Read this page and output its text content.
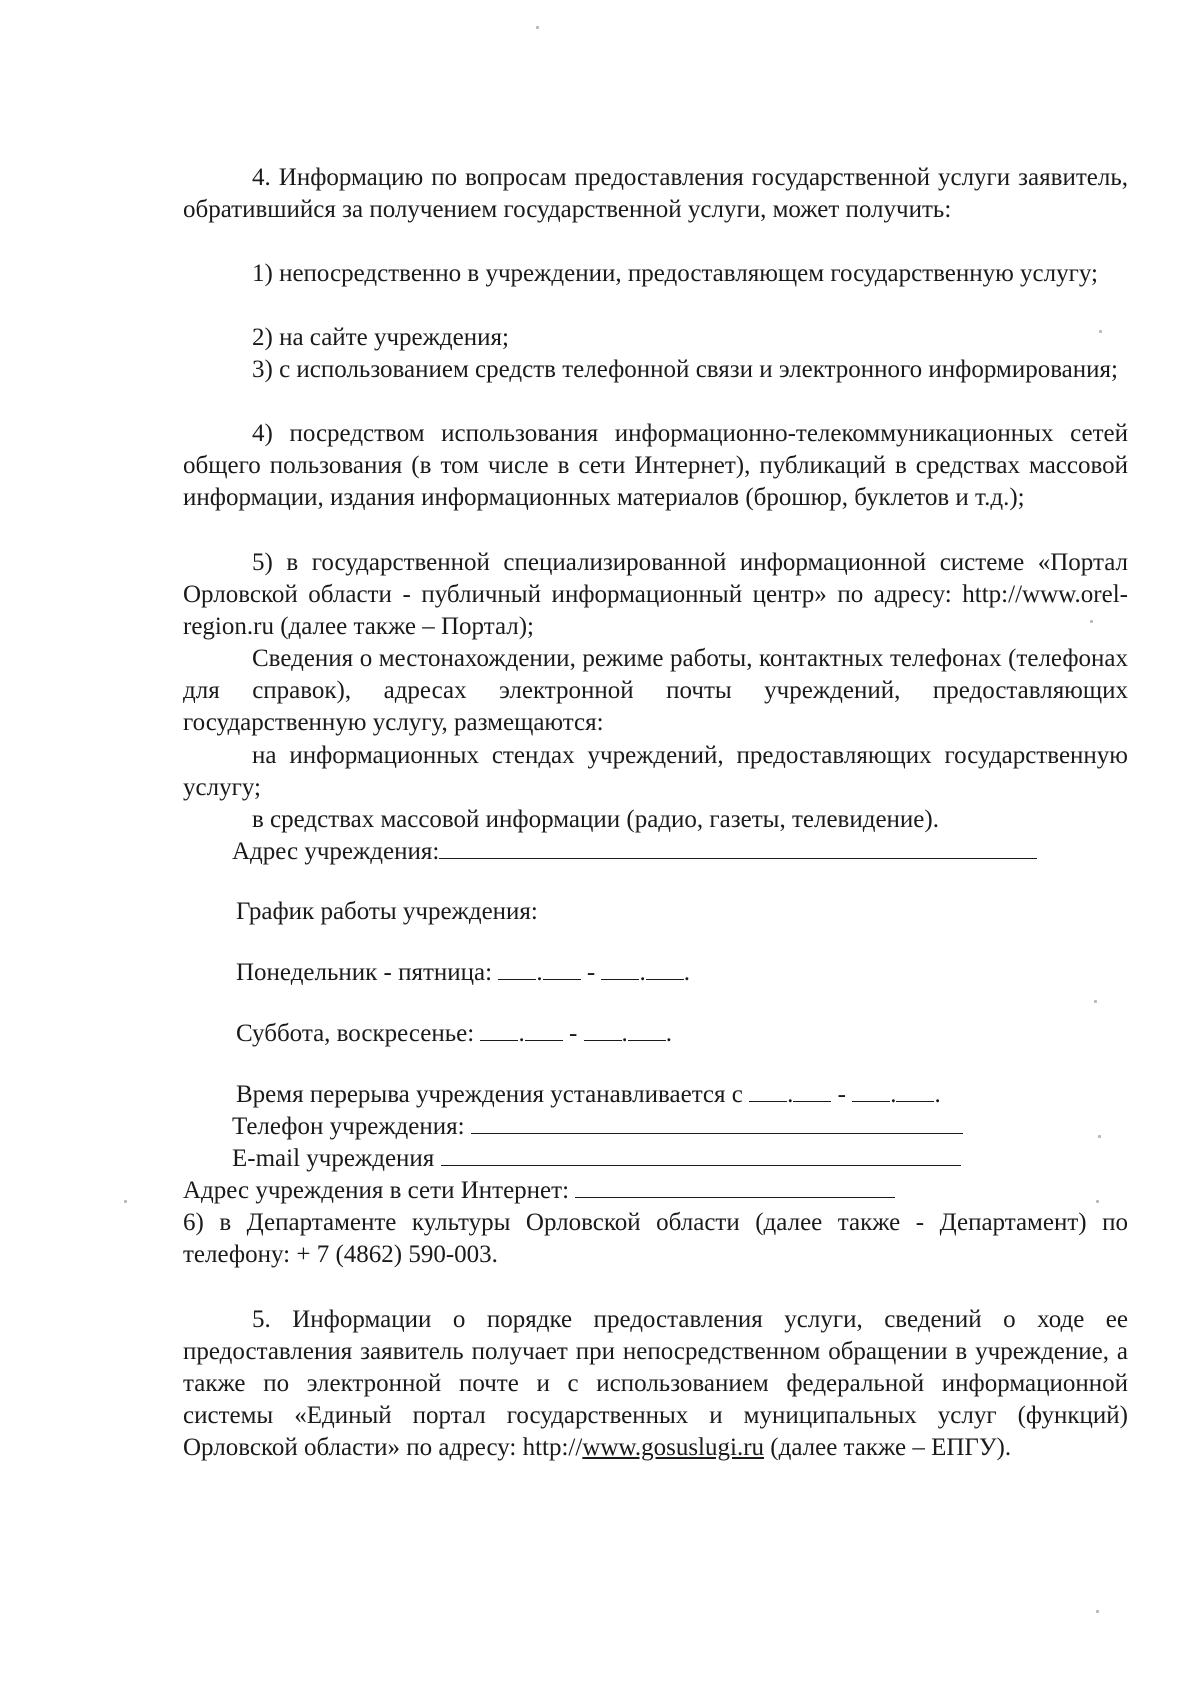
4. Информацию по вопросам предоставления государственной услуги заявитель, обратившийся за получением государственной услуги, может получить:

1) непосредственно в учреждении, предоставляющем государственную услугу;

2) на сайте учреждения;

3) с использованием средств телефонной связи и электронного информирования;

4) посредством использования информационно-телекоммуникационных сетей общего пользования (в том числе в сети Интернет), публикаций в средствах массовой информации, издания информационных материалов (брошюр, буклетов и т.д.);

5) в государственной специализированной информационной системе «Портал Орловской области - публичный информационный центр» по адресу: http://www.orel-region.ru (далее также – Портал);

Сведения о местонахождении, режиме работы, контактных телефонах (телефонах для справок), адресах электронной почты учреждений, предоставляющих государственную услугу, размещаются:

на информационных стендах учреждений, предоставляющих государственную услугу;

в средствах массовой информации (радио, газеты, телевидение).

Адрес учреждения:
График работы учреждения:
Понедельник - пятница: . - . .
Суббота, воскресенье: . - . .
Время перерыва учреждения устанавливается с . - . .
Телефон учреждения:
E-mail учреждения
Адрес учреждения в сети Интернет:

6) в Департаменте культуры Орловской области (далее также - Департамент) по телефону: + 7 (4862) 590-003.

5. Информации о порядке предоставления услуги, сведений о ходе ее предоставления заявитель получает при непосредственном обращении в учреждение, а также по электронной почте и с использованием федеральной информационной системы «Единый портал государственных и муниципальных услуг (функций) Орловской области» по адресу: http://www.gosuslugi.ru (далее также – ЕПГУ).
